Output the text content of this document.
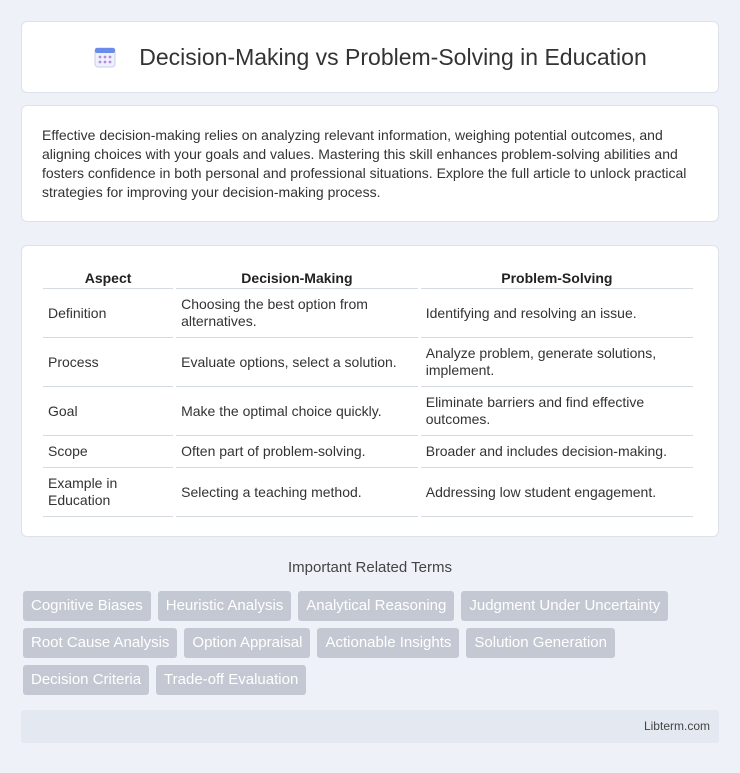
Decision-Making vs Problem-Solving in Education

Effective decision-making relies on analyzing relevant information, weighing potential outcomes, and aligning choices with your goals and values. Mastering this skill enhances problem-solving abilities and fosters confidence in both personal and professional situations. Explore the full article to unlock practical strategies for improving your decision-making process.

Aspect	Decision-Making	Problem-Solving
Definition	Choosing the best option from alternatives.	Identifying and resolving an issue.
Process	Evaluate options, select a solution.	Analyze problem, generate solutions, implement.
Goal	Make the optimal choice quickly.	Eliminate barriers and find effective outcomes.
Scope	Often part of problem-solving.	Broader and includes decision-making.
Example in Education	Selecting a teaching method.	Addressing low student engagement.
Important Related Terms
Cognitive Biases	Heuristic Analysis	Analytical Reasoning	Judgment Under Uncertainty
Root Cause Analysis	Option Appraisal	Actionable Insights	Solution Generation
Decision Criteria	Trade-off Evaluation
Libterm.com
